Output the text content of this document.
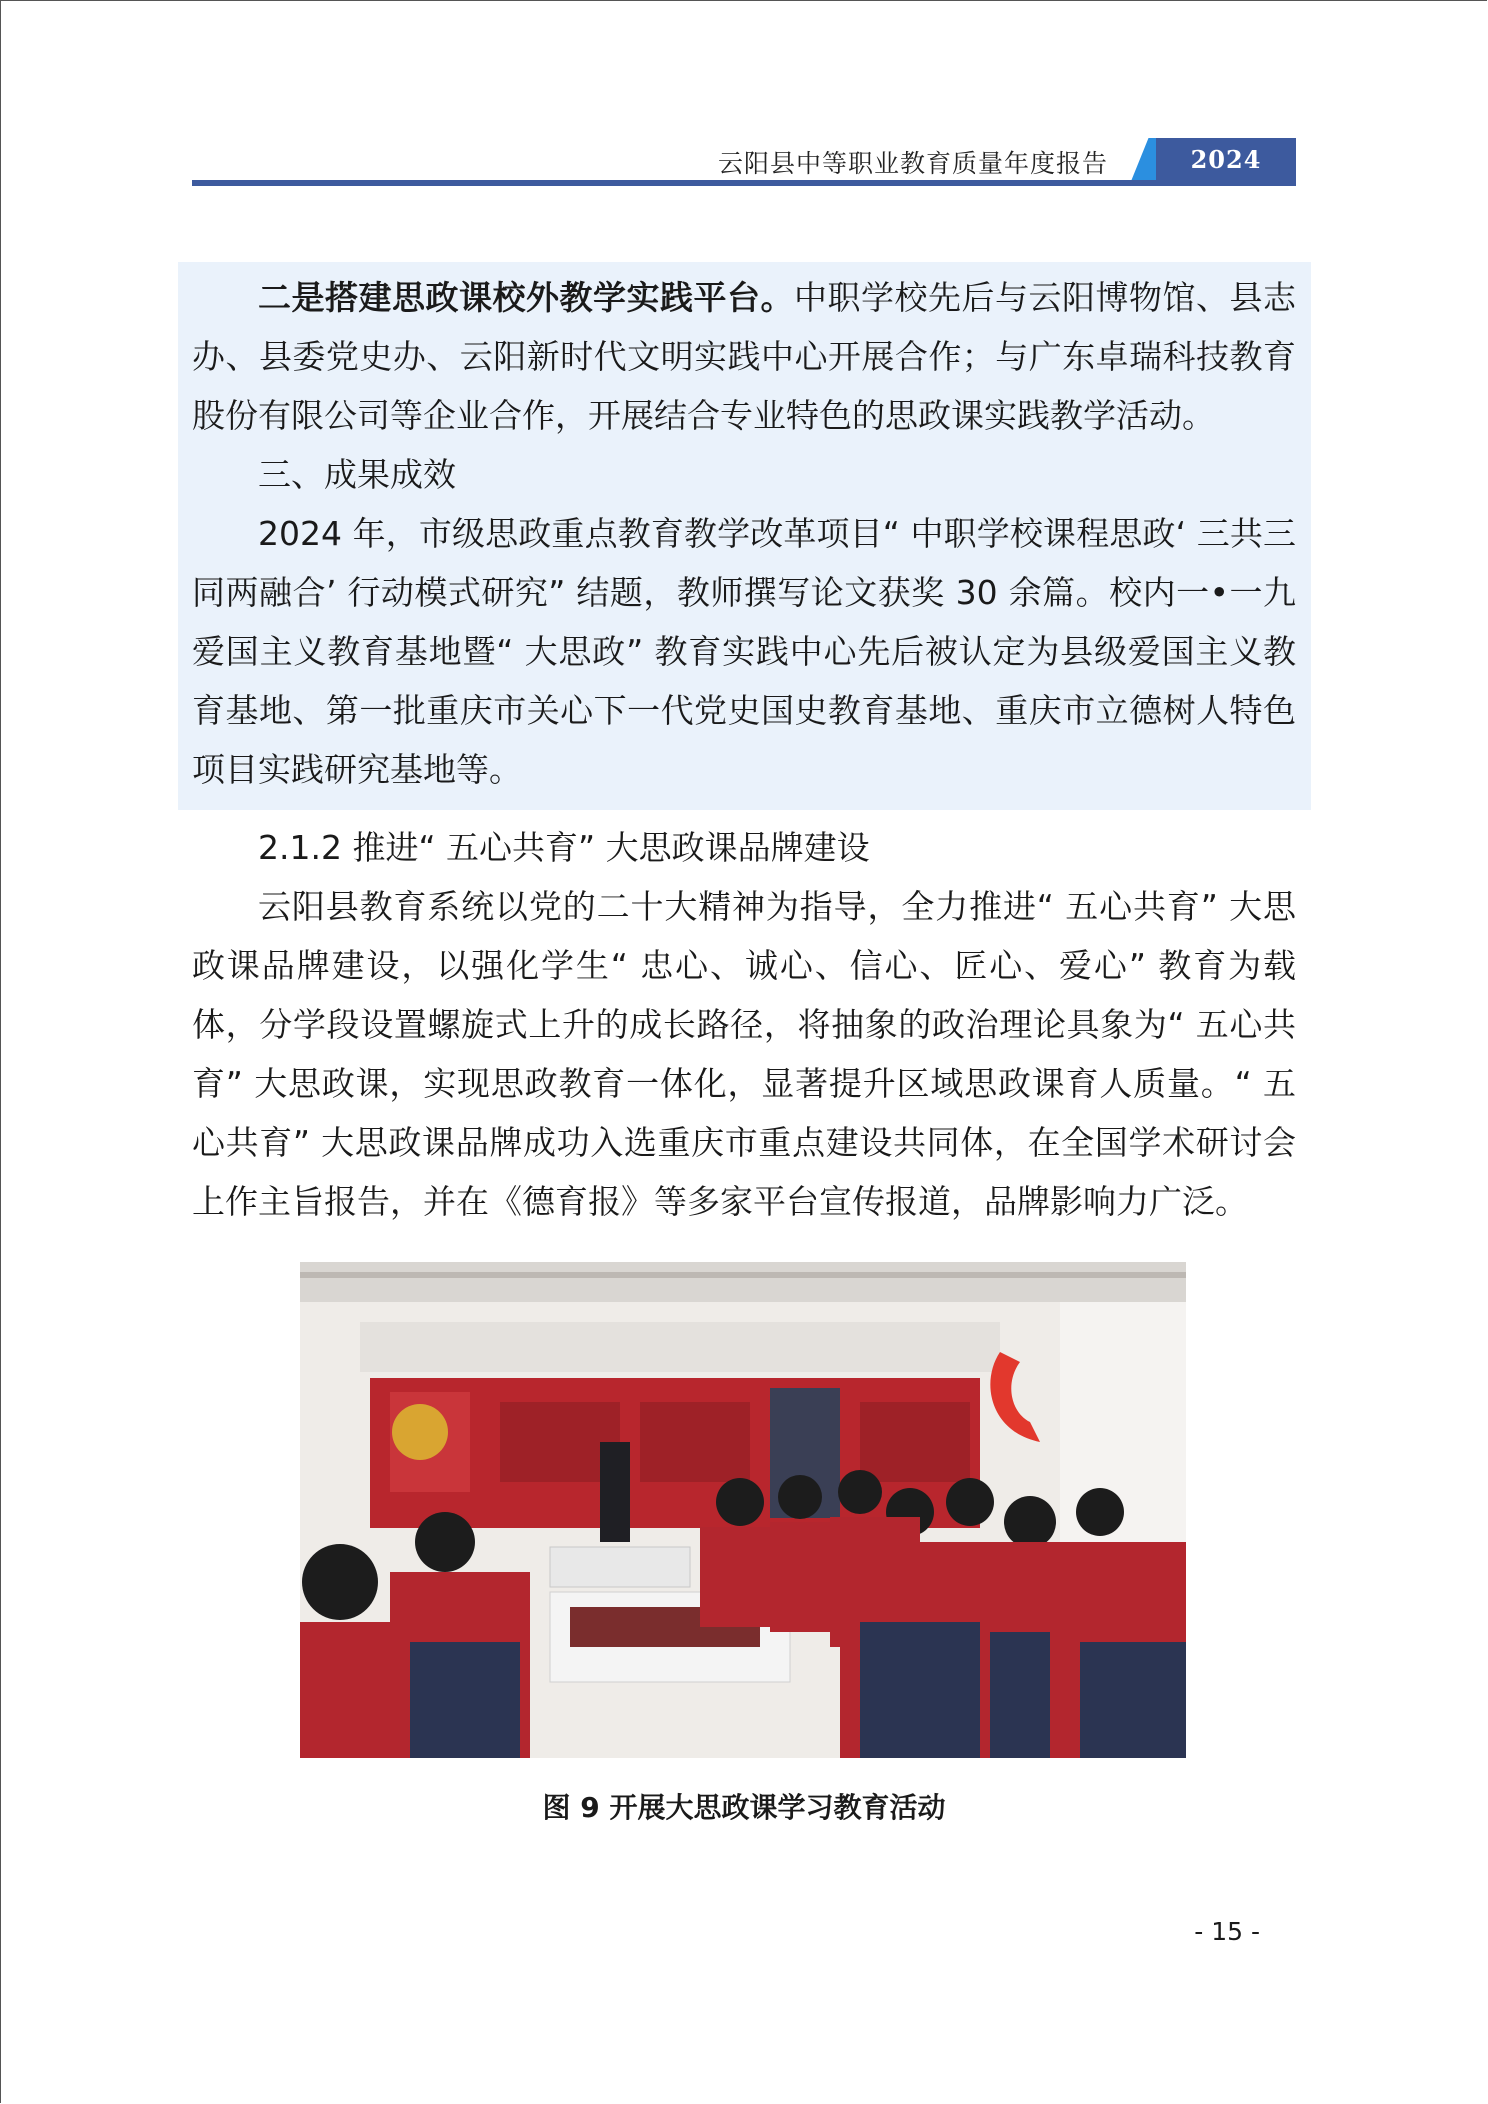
云阳县中等职业教育质量年度报告	2024

二是搭建思政课校外教学实践平台。中职学校先后与云阳博物馆、县志办、县委党史办、云阳新时代文明实践中心开展合作；与广东卓瑞科技教育股份有限公司等企业合作，开展结合专业特色的思政课实践教学活动。

三、成果成效

2024 年，市级思政重点教育教学改革项目“ 中职学校课程思政‘ 三共三同两融合’ 行动模式研究” 结题，教师撰写论文获奖 30 余篇。校内一•一九爱国主义教育基地暨“ 大思政” 教育实践中心先后被认定为县级爱国主义教育基地、第一批重庆市关心下一代党史国史教育基地、重庆市立德树人特色项目实践研究基地等。

2.1.2 推进“ 五心共育” 大思政课品牌建设

云阳县教育系统以党的二十大精神为指导，全力推进“ 五心共育” 大思政课品牌建设，以强化学生“ 忠心、诚心、信心、匠心、爱心” 教育为载体，分学段设置螺旋式上升的成长路径，将抽象的政治理论具象为“ 五心共育” 大思政课，实现思政教育一体化，显著提升区域思政课育人质量。“ 五心共育” 大思政课品牌成功入选重庆市重点建设共同体，在全国学术研讨会上作主旨报告，并在《德育报》等多家平台宣传报道，品牌影响力广泛。

图 9 开展大思政课学习教育活动
- 15 -
